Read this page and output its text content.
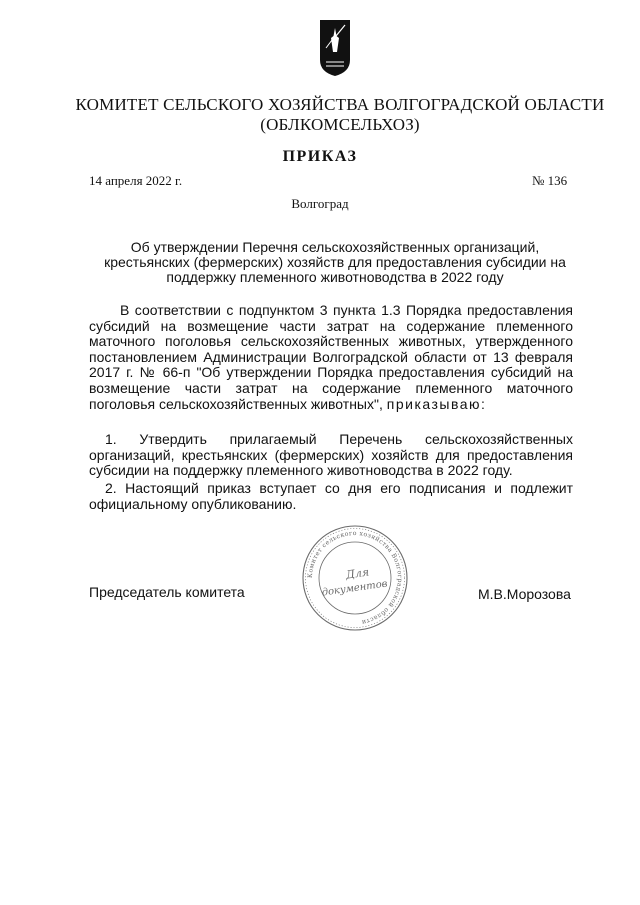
КОМИТЕТ СЕЛЬСКОГО ХОЗЯЙСТВА ВОЛГОГРАДСКОЙ ОБЛАСТИ
(ОБЛКОМСЕЛЬХОЗ)
ПРИКАЗ
14 апреля 2022 г.	№ 136
Волгоград
Об утверждении Перечня сельскохозяйственных организаций, крестьянских (фермерских) хозяйств для предоставления субсидии на поддержку племенного животноводства в 2022 году
В соответствии с подпунктом 3 пункта 1.3 Порядка предоставления субсидий на возмещение части затрат на содержание племенного маточного поголовья сельскохозяйственных животных, утвержденного постановлением Администрации Волгоградской области от 13 февраля 2017 г. № 66-п "Об утверждении Порядка предоставления субсидий на возмещение части затрат на содержание племенного маточного поголовья сельскохозяйственных животных", приказываю:
1. Утвердить прилагаемый Перечень сельскохозяйственных организаций, крестьянских (фермерских) хозяйств для предоставления субсидии на поддержку племенного животноводства в 2022 году.
2. Настоящий приказ вступает со дня его подписания и подлежит официальному опубликованию.
Председатель комитета	М.В.Морозова
Комитет сельского хозяйства Волгоградской области
Для
документов
